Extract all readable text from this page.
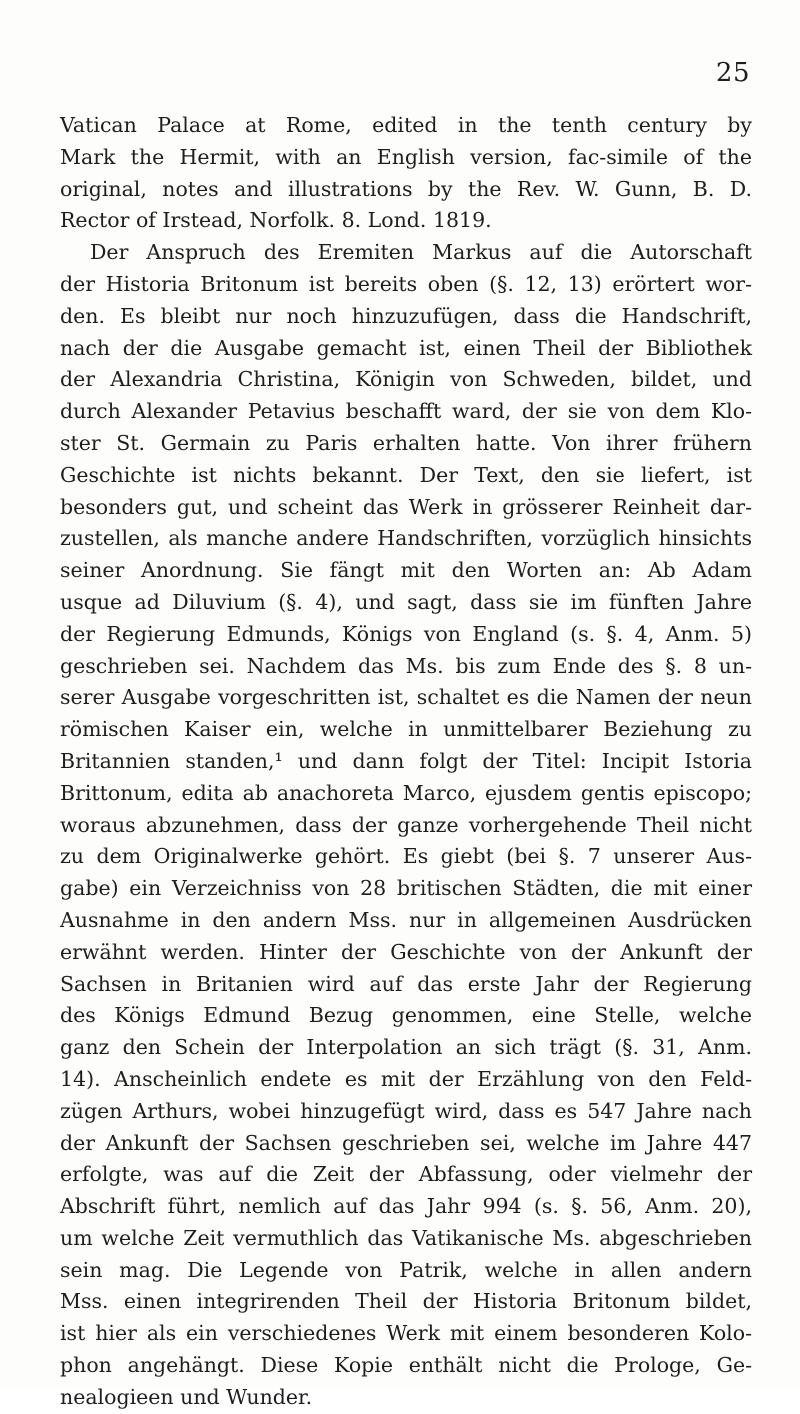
25
Vatican Palace at Rome, edited in the tenth century by
Mark the Hermit, with an English version, fac-simile of the
original, notes and illustrations by the Rev. W. Gunn, B. D.
Rector of Irstead, Norfolk. 8. Lond. 1819.
Der Anspruch des Eremiten Markus auf die Autorschaft
der Historia Britonum ist bereits oben (§. 12, 13) erörtert wor-
den. Es bleibt nur noch hinzuzufügen, dass die Handschrift,
nach der die Ausgabe gemacht ist, einen Theil der Bibliothek
der Alexandria Christina, Königin von Schweden, bildet, und
durch Alexander Petavius beschafft ward, der sie von dem Klo-
ster St. Germain zu Paris erhalten hatte. Von ihrer frühern
Geschichte ist nichts bekannt. Der Text, den sie liefert, ist
besonders gut, und scheint das Werk in grösserer Reinheit dar-
zustellen, als manche andere Handschriften, vorzüglich hinsichts
seiner Anordnung. Sie fängt mit den Worten an: Ab Adam
usque ad Diluvium (§. 4), und sagt, dass sie im fünften Jahre
der Regierung Edmunds, Königs von England (s. §. 4, Anm. 5)
geschrieben sei. Nachdem das Ms. bis zum Ende des §. 8 un-
serer Ausgabe vorgeschritten ist, schaltet es die Namen der neun
römischen Kaiser ein, welche in unmittelbarer Beziehung zu
Britannien standen,¹ und dann folgt der Titel: Incipit Istoria
Brittonum, edita ab anachoreta Marco, ejusdem gentis episcopo;
woraus abzunehmen, dass der ganze vorhergehende Theil nicht
zu dem Originalwerke gehört. Es giebt (bei §. 7 unserer Aus-
gabe) ein Verzeichniss von 28 britischen Städten, die mit einer
Ausnahme in den andern Mss. nur in allgemeinen Ausdrücken
erwähnt werden. Hinter der Geschichte von der Ankunft der
Sachsen in Britanien wird auf das erste Jahr der Regierung
des Königs Edmund Bezug genommen, eine Stelle, welche
ganz den Schein der Interpolation an sich trägt (§. 31, Anm.
14). Anscheinlich endete es mit der Erzählung von den Feld-
zügen Arthurs, wobei hinzugefügt wird, dass es 547 Jahre nach
der Ankunft der Sachsen geschrieben sei, welche im Jahre 447
erfolgte, was auf die Zeit der Abfassung, oder vielmehr der
Abschrift führt, nemlich auf das Jahr 994 (s. §. 56, Anm. 20),
um welche Zeit vermuthlich das Vatikanische Ms. abgeschrieben
sein mag. Die Legende von Patrik, welche in allen andern
Mss. einen integrirenden Theil der Historia Britonum bildet,
ist hier als ein verschiedenes Werk mit einem besonderen Kolo-
phon angehängt. Diese Kopie enthält nicht die Prologe, Ge-
nealogieen und Wunder.
